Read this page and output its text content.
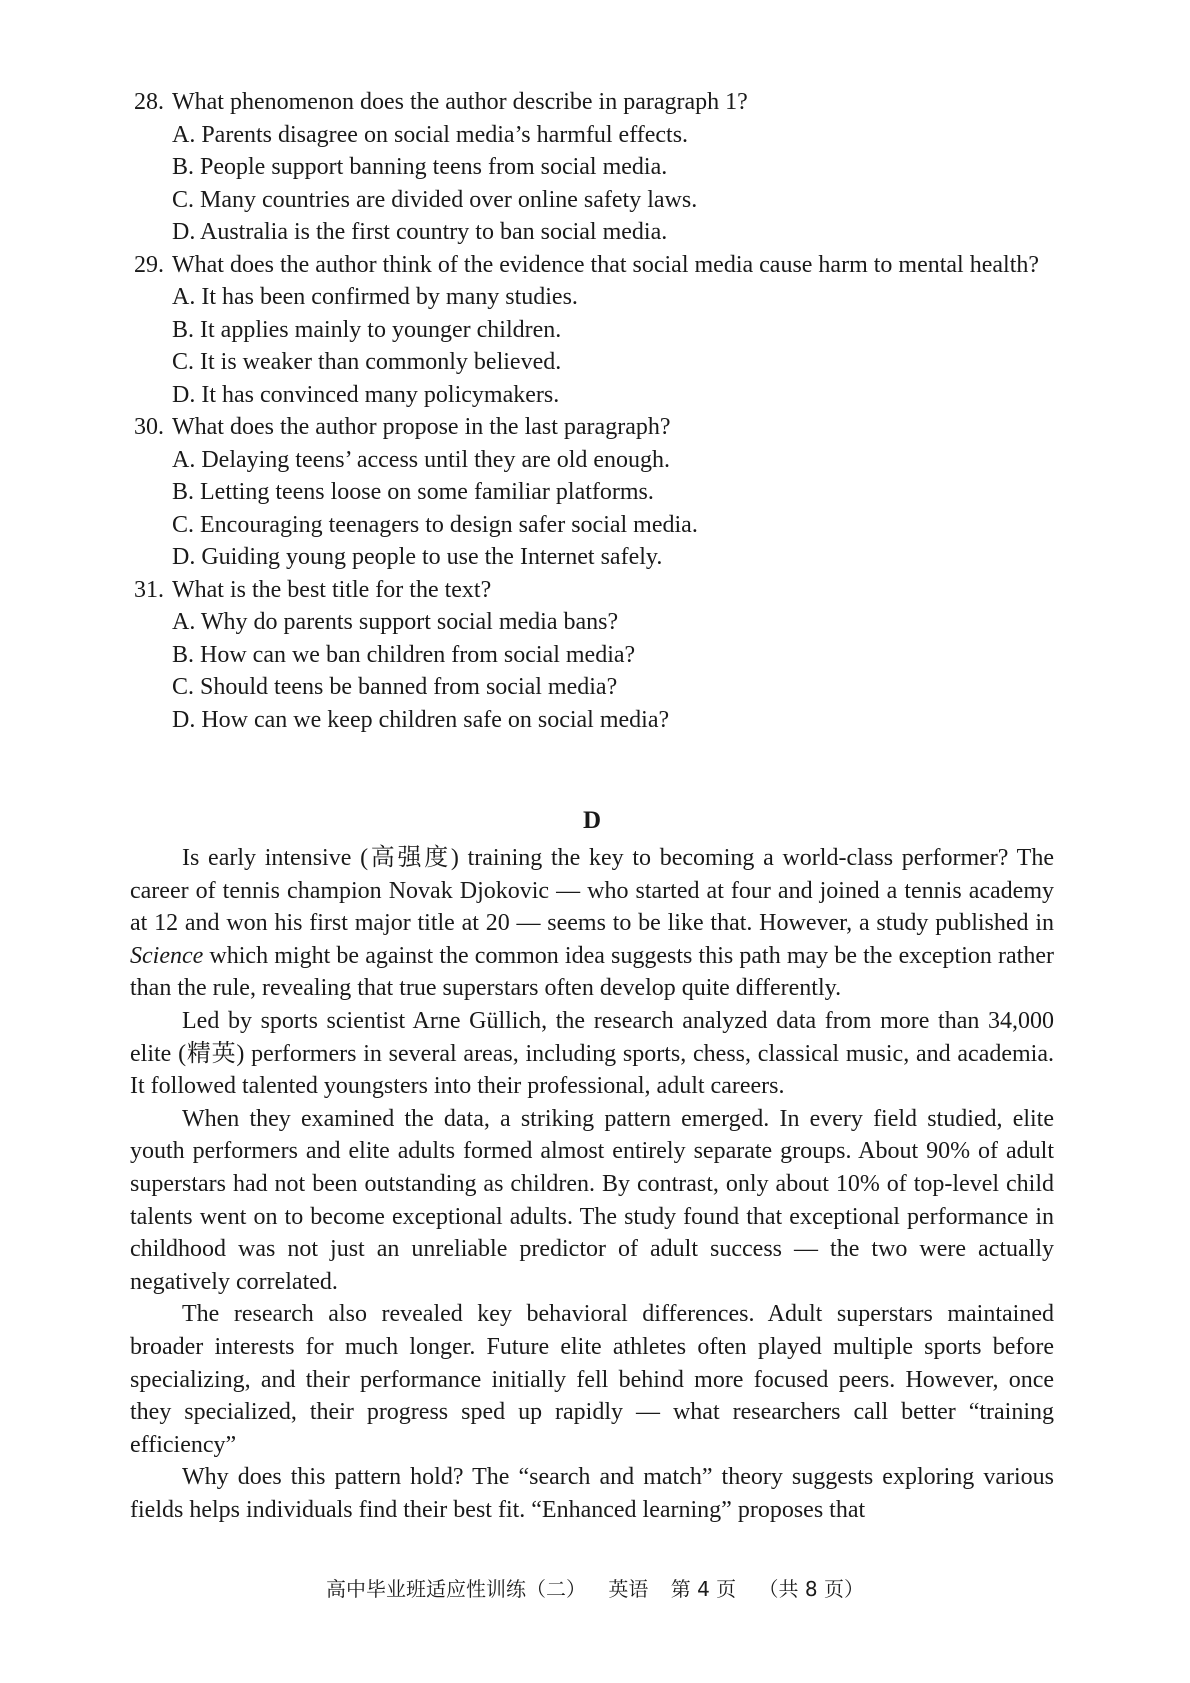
28. What phenomenon does the author describe in paragraph 1?
A. Parents disagree on social media’s harmful effects.
B. People support banning teens from social media.
C. Many countries are divided over online safety laws.
D. Australia is the first country to ban social media.
29. What does the author think of the evidence that social media cause harm to mental health?
A. It has been confirmed by many studies.
B. It applies mainly to younger children.
C. It is weaker than commonly believed.
D. It has convinced many policymakers.
30. What does the author propose in the last paragraph?
A. Delaying teens’ access until they are old enough.
B. Letting teens loose on some familiar platforms.
C. Encouraging teenagers to design safer social media.
D. Guiding young people to use the Internet safely.
31. What is the best title for the text?
A. Why do parents support social media bans?
B. How can we ban children from social media?
C. Should teens be banned from social media?
D. How can we keep children safe on social media?
D

Is early intensive (高强度) training the key to becoming a world-class performer? The career of tennis champion Novak Djokovic — who started at four and joined a tennis academy at 12 and won his first major title at 20 — seems to be like that. However, a study published in Science which might be against the common idea suggests this path may be the exception rather than the rule, revealing that true superstars often develop quite differently.

Led by sports scientist Arne Güllich, the research analyzed data from more than 34,000 elite (精英) performers in several areas, including sports, chess, classical music, and academia. It followed talented youngsters into their professional, adult careers.

When they examined the data, a striking pattern emerged. In every field studied, elite youth performers and elite adults formed almost entirely separate groups. About 90% of adult superstars had not been outstanding as children. By contrast, only about 10% of top-level child talents went on to become exceptional adults. The study found that exceptional performance in childhood was not just an unreliable predictor of adult success — the two were actually negatively correlated.

The research also revealed key behavioral differences. Adult superstars maintained broader interests for much longer. Future elite athletes often played multiple sports before specializing, and their performance initially fell behind more focused peers. However, once they specialized, their progress sped up rapidly — what researchers call better “training efficiency”

Why does this pattern hold? The “search and match” theory suggests exploring various fields helps individuals find their best fit. “Enhanced learning” proposes that

高中毕业班适应性训练（二） 英语 第 4 页 （共 8 页）
